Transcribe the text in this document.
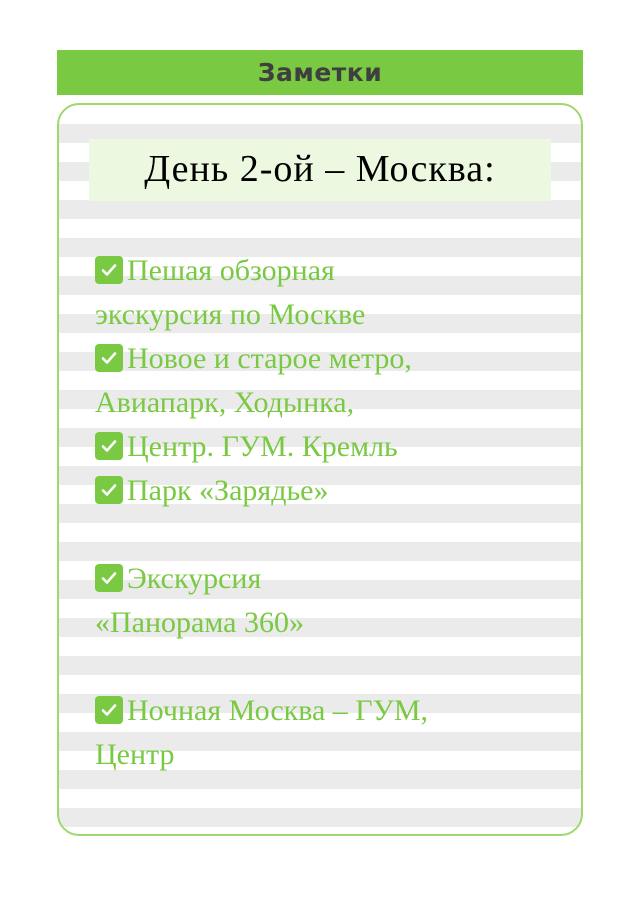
Заметки
День 2-ой – Москва:
Пешая обзорная
экскурсия по Москве
Новое и старое метро,
Авиапарк, Ходынка,
Центр. ГУМ. Кремль
Парк «Зарядье»
Экскурсия
«Панорама 360»
Ночная Москва – ГУМ,
Центр
